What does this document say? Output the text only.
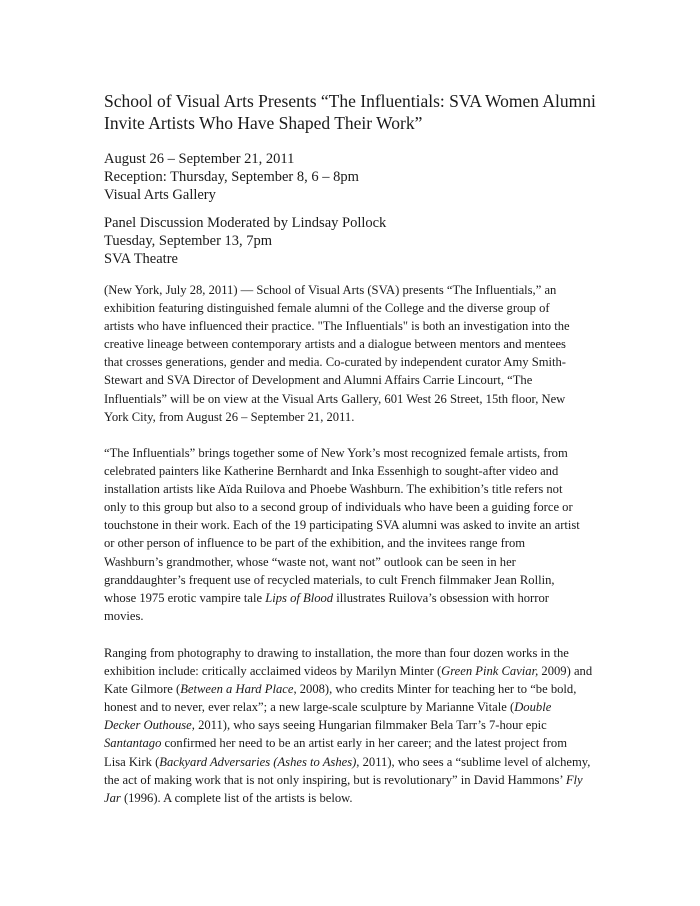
School of Visual Arts Presents “The Influentials: SVA Women Alumni
Invite Artists Who Have Shaped Their Work”
August 26 – September 21, 2011
Reception: Thursday, September 8, 6 – 8pm
Visual Arts Gallery
Panel Discussion Moderated by Lindsay Pollock
Tuesday, September 13, 7pm
SVA Theatre

(New York, July 28, 2011) — School of Visual Arts (SVA) presents “The Influentials,” an
exhibition featuring distinguished female alumni of the College and the diverse group of
artists who have influenced their practice. "The Influentials" is both an investigation into the
creative lineage between contemporary artists and a dialogue between mentors and mentees
that crosses generations, gender and media. Co-curated by independent curator Amy Smith-
Stewart and SVA Director of Development and Alumni Affairs Carrie Lincourt, “The
Influentials” will be on view at the Visual Arts Gallery, 601 West 26 Street, 15th floor, New
York City, from August 26 – September 21, 2011.

“The Influentials” brings together some of New York’s most recognized female artists, from
celebrated painters like Katherine Bernhardt and Inka Essenhigh to sought-after video and
installation artists like Aïda Ruilova and Phoebe Washburn. The exhibition’s title refers not
only to this group but also to a second group of individuals who have been a guiding force or
touchstone in their work. Each of the 19 participating SVA alumni was asked to invite an artist
or other person of influence to be part of the exhibition, and the invitees range from
Washburn’s grandmother, whose “waste not, want not” outlook can be seen in her
granddaughter’s frequent use of recycled materials, to cult French filmmaker Jean Rollin,
whose 1975 erotic vampire tale Lips of Blood illustrates Ruilova’s obsession with horror
movies.

Ranging from photography to drawing to installation, the more than four dozen works in the
exhibition include: critically acclaimed videos by Marilyn Minter (Green Pink Caviar, 2009) and
Kate Gilmore (Between a Hard Place, 2008), who credits Minter for teaching her to “be bold,
honest and to never, ever relax”; a new large-scale sculpture by Marianne Vitale (Double
Decker Outhouse, 2011), who says seeing Hungarian filmmaker Bela Tarr’s 7-hour epic
Santantago confirmed her need to be an artist early in her career; and the latest project from
Lisa Kirk (Backyard Adversaries (Ashes to Ashes), 2011), who sees a “sublime level of alchemy,
the act of making work that is not only inspiring, but is revolutionary” in David Hammons’ Fly
Jar (1996). A complete list of the artists is below.
